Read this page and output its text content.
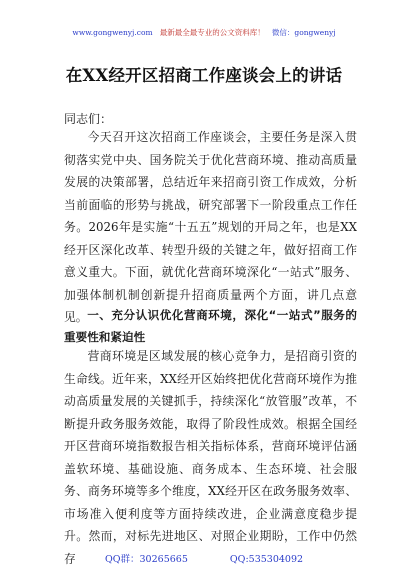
www.gongwenyj.com 最新最全最专业的公文资料库！ 微信：gongwenyj
在XX经开区招商工作座谈会上的讲话
同志们：

今天召开这次招商工作座谈会，主要任务是深入贯彻落实党中央、国务院关于优化营商环境、推动高质量发展的决策部署，总结近年来招商引资工作成效，分析当前面临的形势与挑战，研究部署下一阶段重点工作任务。2026年是实施“十五五”规划的开局之年，也是XX经开区深化改革、转型升级的关键之年，做好招商工作意义重大。下面，就优化营商环境深化“一站式”服务、加强体制机制创新提升招商质量两个方面，讲几点意见。 一、充分认识优化营商环境，深化“一站式”服务的重要性和紧迫性

营商环境是区域发展的核心竞争力，是招商引资的生命线。近年来，XX经开区始终把优化营商环境作为推动高质量发展的关键抓手，持续深化“放管服”改革，不断提升政务服务效能，取得了阶段性成效。根据全国经开区营商环境指数报告相关指标体系，营商环境评估涵盖软环境、基础设施、商务成本、生态环境、社会服务、商务环境等多个维度，XX经开区在政务服务效率、市场准入便利度等方面持续改进，企业满意度稳步提升。然而，对标先进地区、对照企业期盼，工作中仍然存	QQ群：30265665	QQ:535304092
